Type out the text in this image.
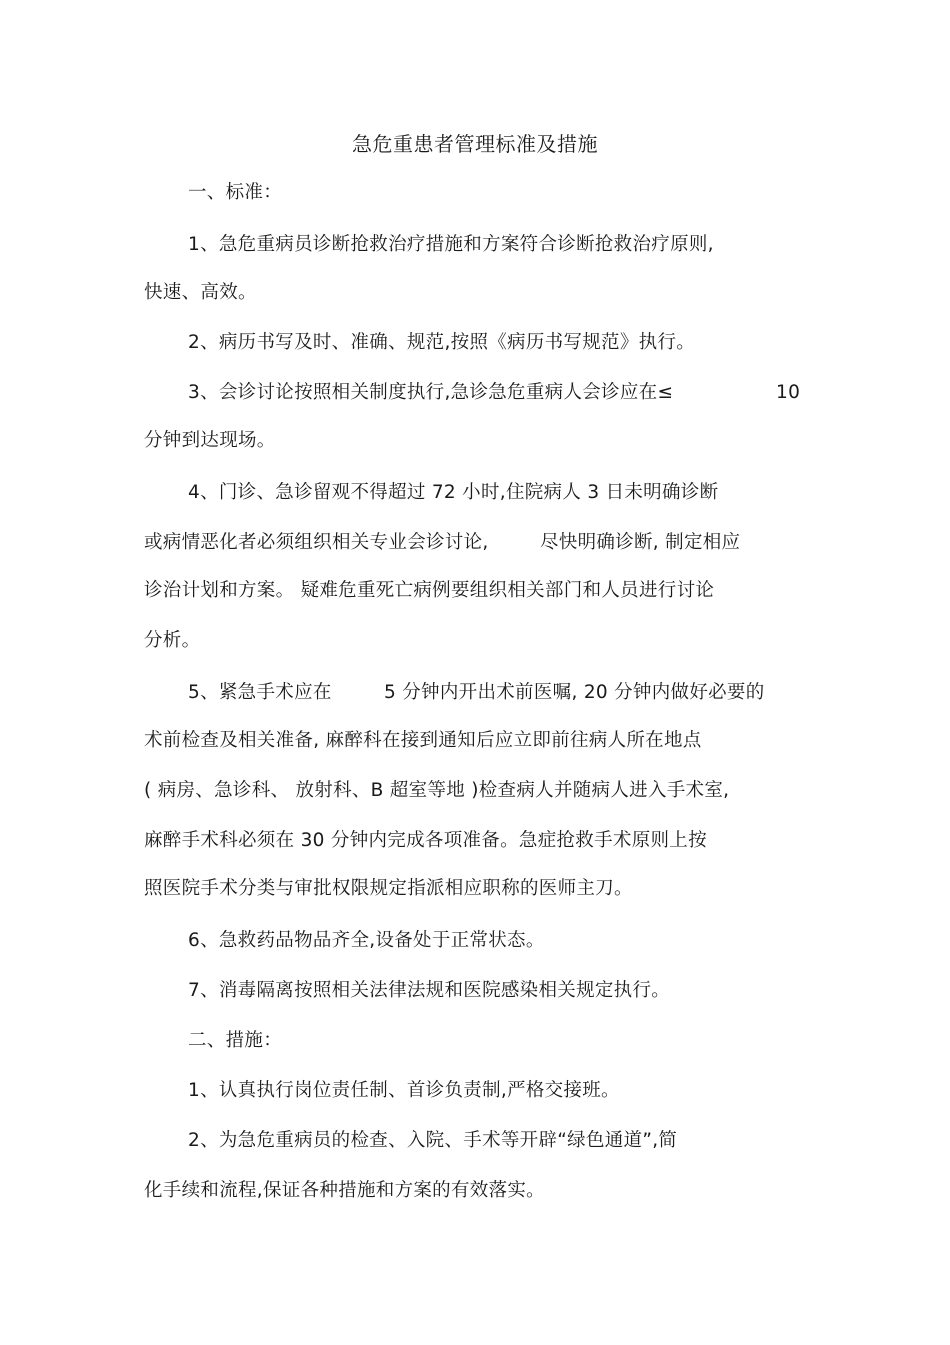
急危重患者管理标准及措施
一、标准：
1、急危重病员诊断抢救治疗措施和方案符合诊断抢救治疗原则,
快速、高效。
2、病历书写及时、准确、规范,按照《病历书写规范》执行。
3、会诊讨论按照相关制度执行,急诊急危重病人会诊应在≤	10
分钟到达现场。
4、门诊、急诊留观不得超过 72 小时,住院病人 3 日未明确诊断
或病情恶化者必须组织相关专业会诊讨论,	尽快明确诊断, 制定相应
诊治计划和方案。 疑难危重死亡病例要组织相关部门和人员进行讨论
分析。
5、紧急手术应在	5 分钟内开出术前医嘱, 20 分钟内做好必要的
术前检查及相关准备, 麻醉科在接到通知后应立即前往病人所在地点
( 病房、急诊科、 放射科、B 超室等地 )检查病人并随病人进入手术室,
麻醉手术科必须在 30 分钟内完成各项准备。急症抢救手术原则上按
照医院手术分类与审批权限规定指派相应职称的医师主刀。
6、急救药品物品齐全,设备处于正常状态。
7、消毒隔离按照相关法律法规和医院感染相关规定执行。
二、措施：
1、认真执行岗位责任制、首诊负责制,严格交接班。
2、为急危重病员的检查、入院、手术等开辟“绿色通道”,简
化手续和流程,保证各种措施和方案的有效落实。
